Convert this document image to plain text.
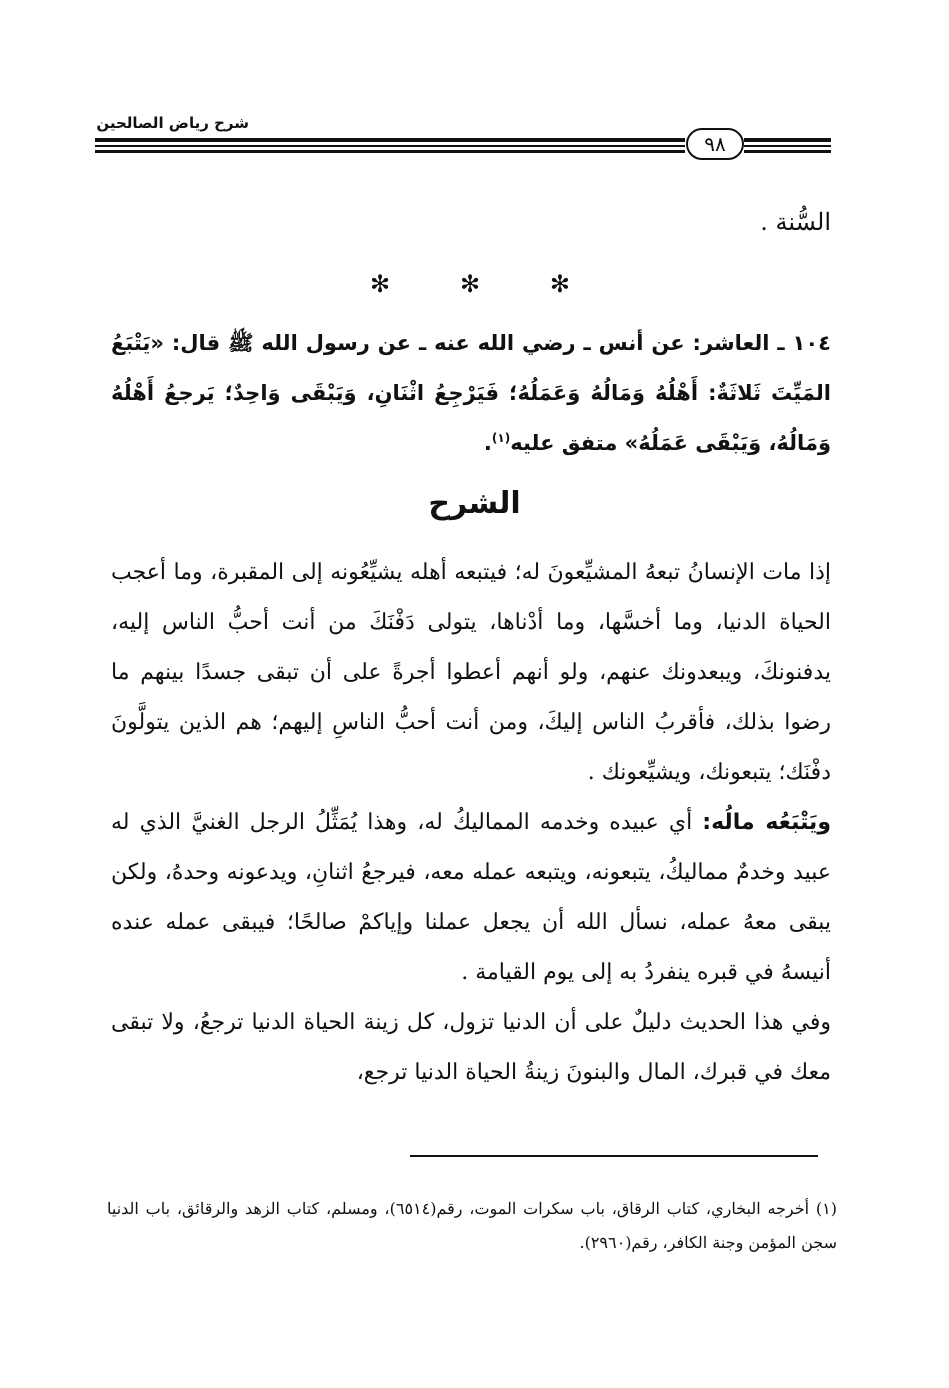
شرح رياض الصالحين
٩٨
السُّنة .
✻	✻	✻
١٠٤ ـ العاشر: عن أنس ـ رضي الله عنه ـ عن رسول الله ﷺ قال: «يَتْبَعُ المَيِّتَ ثَلاثَةٌ: أَهْلُهُ وَمَالُهُ وَعَمَلُهُ؛ فَيَرْجِعُ اثْنَانِ، وَيَبْقَى وَاحِدٌ؛ يَرجعُ أَهْلُهُ وَمَالُهُ، وَيَبْقَى عَمَلُهُ» متفق عليه$^{(١)}$.
الشرح

إذا مات الإنسانُ تبعهُ المشيِّعونَ له؛ فيتبعه أهله يشيِّعُونه إلى المقبرة، وما أعجب الحياة الدنيا، وما أخسَّها، وما أدْناها، يتولى دَفْنَكَ من أنت أحبُّ الناس إليه، يدفنونكَ، ويبعدونك عنهم، ولو أنهم أعطوا أجرةً على أن تبقى جسدًا بينهم ما رضوا بذلك، فأقربُ الناس إليكَ، ومن أنت أحبُّ الناسِ إليهم؛ هم الذين يتولَّونَ دفْنَك؛ يتبعونك، ويشيِّعونك .

ويَتْبَعُه مالُه: أي عبيده وخدمه المماليكُ له، وهذا يُمَثِّلُ الرجل الغنيَّ الذي له عبيد وخدمٌ مماليكُ، يتبعونه، ويتبعه عمله معه، فيرجعُ اثنانِ، ويدعونه وحدهُ، ولكن يبقى معهُ عمله، نسأل الله أن يجعل عملنا وإياكمْ صالحًا؛ فيبقى عمله عنده أنيسهُ في قبره ينفردُ به إلى يوم القيامة .

وفي هذا الحديث دليلٌ على أن الدنيا تزول، كل زينة الحياة الدنيا ترجعُ، ولا تبقى معك في قبرك، المال والبنونَ زينةُ الحياة الدنيا ترجع،

(١) أخرجه البخاري، كتاب الرقاق، باب سكرات الموت، رقم(٦٥١٤)، ومسلم، كتاب الزهد والرقائق، باب الدنيا سجن المؤمن وجنة الكافر، رقم(٢٩٦٠).
